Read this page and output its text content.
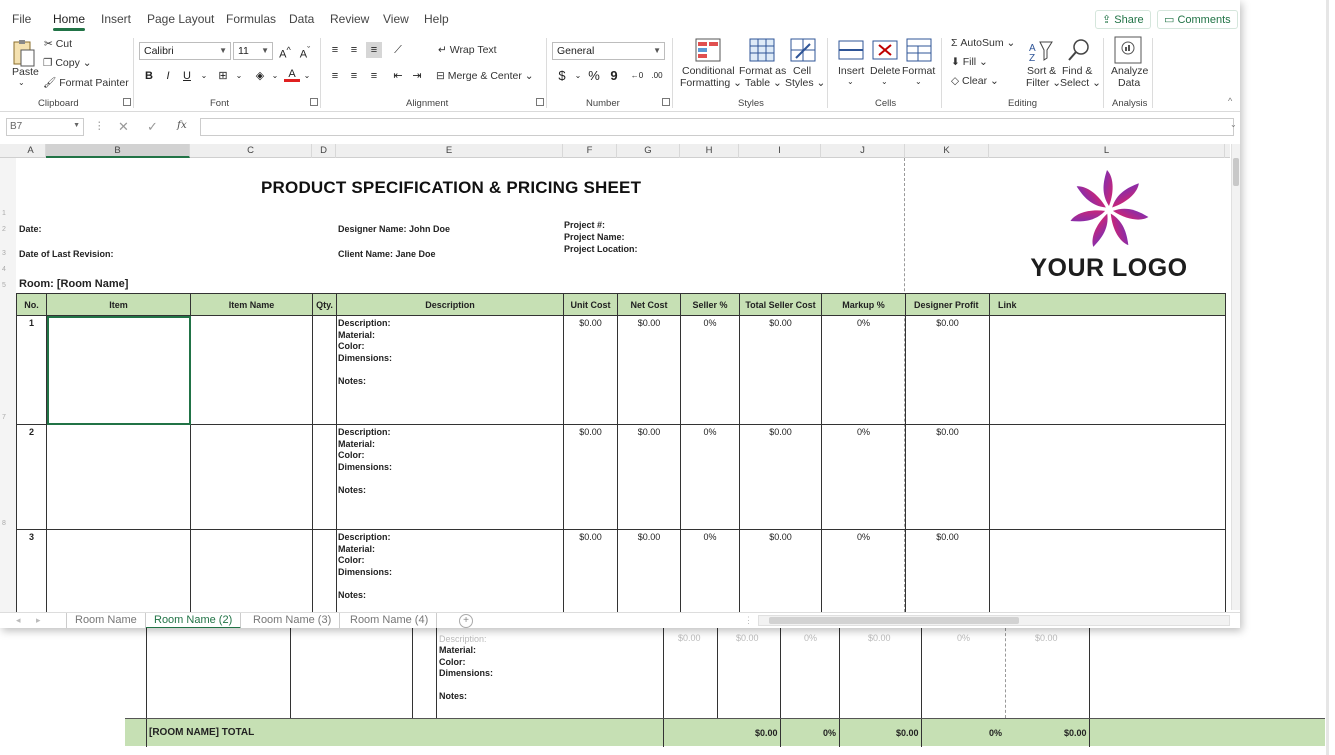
Description:
Material:
Color:
Dimensions:
Notes:
$0.00	$0.00	0%	$0.00	0%	$0.00
[ROOM NAME] TOTAL	$0.00	0%	$0.00	0%	$0.00
File Home Insert Page Layout Formulas Data Review View Help	⇪ Share	▭ Comments
Paste
⌄
✂ Cut
❐ Copy ⌄
🖌 Format Painter
Clipboard
Calibri	▼	11 ▼ A^ $A^ˇ$
B	I	U	⌄	⊞	⌄	◈ ⌄ A ⌄
Font
≡	≡	≡	⟋	↵ Wrap Text
≡	≡	≡	⇤ ⇥	⊟ Merge & Center ⌄
Alignment
General	▼
$	⌄ % 9	←0	.00
Number
Conditional
Formatting ⌄
Format as
Table ⌄
Cell
Styles ⌄
Styles
Insert
⌄
Delete
⌄
Format
⌄
Cells
Σ AutoSum ⌄
⬇ Fill ⌄
◇ Clear ⌄
A
Z
Sort &
Filter ⌄
Find &
Select ⌄
Editing
Analyze
Data
Analysis	^
B7	▼ ⋮ ✕ ✓ fx	⌄
A	B	C	D	E	F	G	H	I	J	K	L
1
2
3
4
5
7
8
PRODUCT SPECIFICATION & PRICING SHEET
Date:
Date of Last Revision:
Designer Name: John Doe
Client Name: Jane Doe
Project #:
Project Name:
Project Location:
Room: [Room Name]
YOUR LOGO
No.	Item	Item Name	Qty.	Description	Unit Cost	Net Cost	Seller %	Total Seller Cost	Markup %	Designer Profit	Link
1				Description:
Material:
Color:
Dimensions:
Notes:	$0.00	$0.00	0%	$0.00	0%	$0.00	
2				Description:
Material:
Color:
Dimensions:
Notes:	$0.00	$0.00	0%	$0.00	0%	$0.00	
3				Description:
Material:
Color:
Dimensions:
Notes:	$0.00	$0.00	0%	$0.00	0%	$0.00	
◂ ▸	Room Name	Room Name (2)	Room Name (3)	Room Name (4)	+	⋮
